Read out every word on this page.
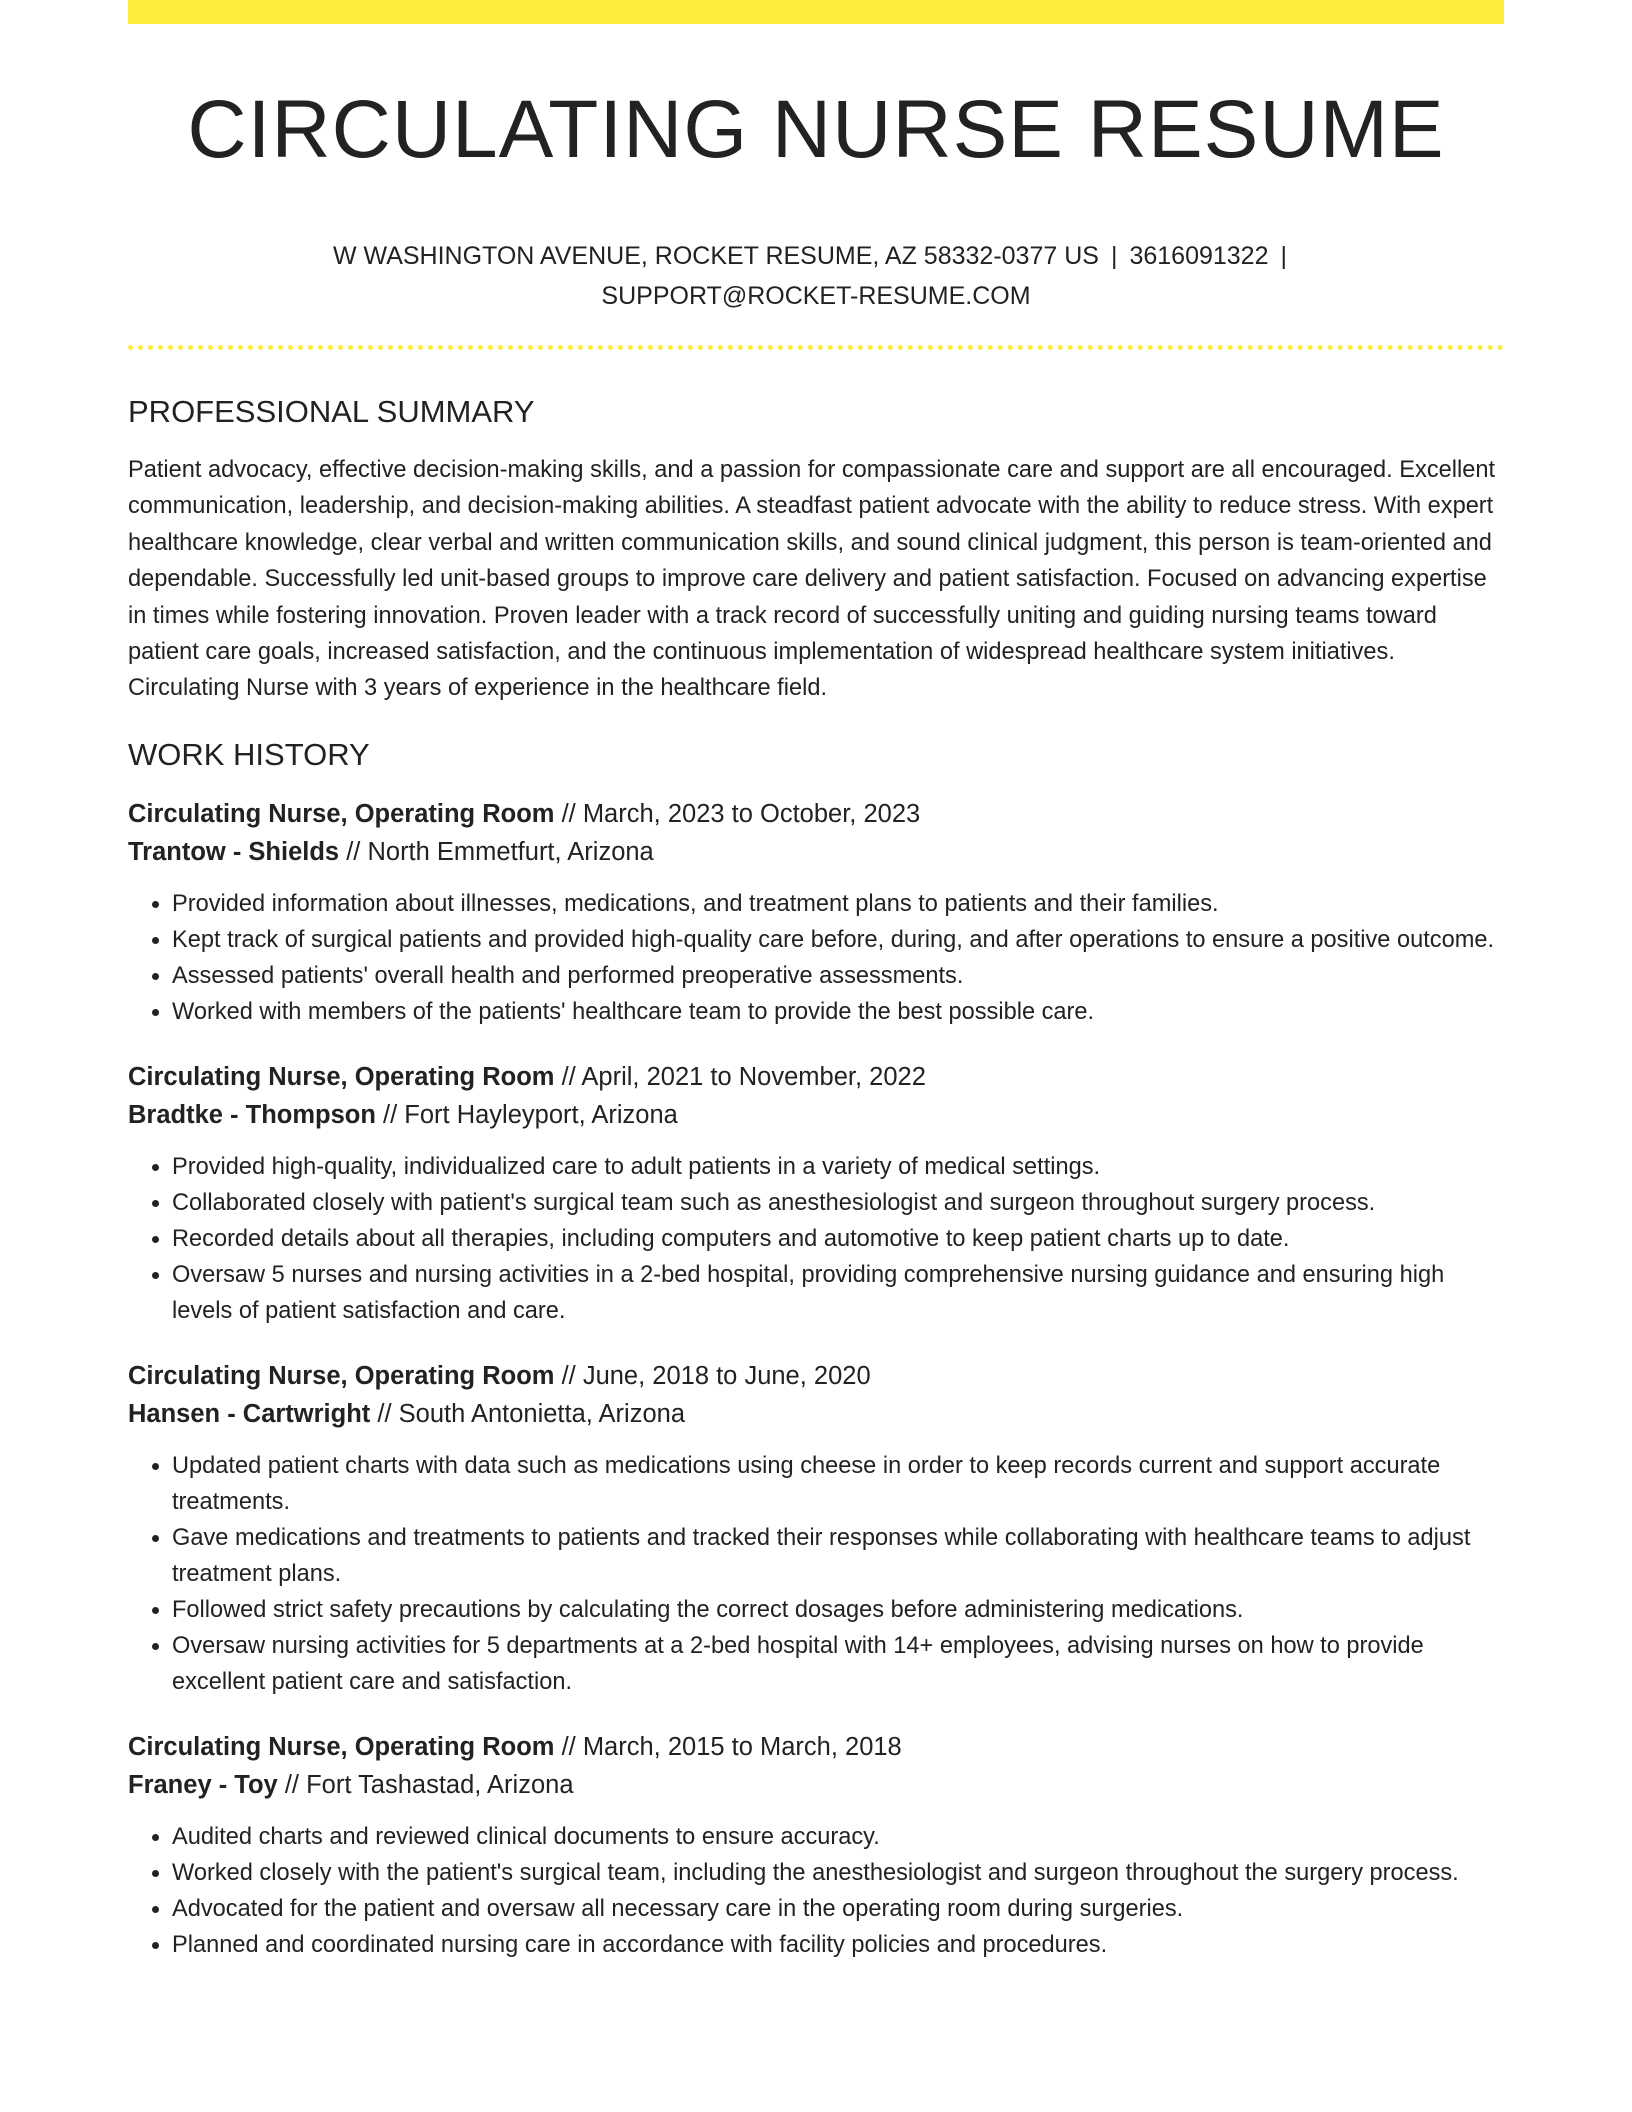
CIRCULATING NURSE RESUME
W WASHINGTON AVENUE, ROCKET RESUME, AZ 58332-0377 US | 3616091322 |
SUPPORT@ROCKET-RESUME.COM
PROFESSIONAL SUMMARY

Patient advocacy, effective decision-making skills, and a passion for compassionate care and support are all encouraged. Excellent communication, leadership, and decision-making abilities. A steadfast patient advocate with the ability to reduce stress. With expert healthcare knowledge, clear verbal and written communication skills, and sound clinical judgment, this person is team-oriented and dependable. Successfully led unit-based groups to improve care delivery and patient satisfaction. Focused on advancing expertise in times while fostering innovation. Proven leader with a track record of successfully uniting and guiding nursing teams toward patient care goals, increased satisfaction, and the continuous implementation of widespread healthcare system initiatives. Circulating Nurse with 3 years of experience in the healthcare field.

WORK HISTORY

Circulating Nurse, Operating Room // March, 2023 to October, 2023

Trantow - Shields // North Emmetfurt, Arizona

• Provided information about illnesses, medications, and treatment plans to patients and their families.
• Kept track of surgical patients and provided high-quality care before, during, and after operations to ensure a positive outcome.
• Assessed patients' overall health and performed preoperative assessments.
• Worked with members of the patients' healthcare team to provide the best possible care.

Circulating Nurse, Operating Room // April, 2021 to November, 2022

Bradtke - Thompson // Fort Hayleyport, Arizona

• Provided high-quality, individualized care to adult patients in a variety of medical settings.
• Collaborated closely with patient's surgical team such as anesthesiologist and surgeon throughout surgery process.
• Recorded details about all therapies, including computers and automotive to keep patient charts up to date.
• Oversaw 5 nurses and nursing activities in a 2-bed hospital, providing comprehensive nursing guidance and ensuring high levels of patient satisfaction and care.

Circulating Nurse, Operating Room // June, 2018 to June, 2020

Hansen - Cartwright // South Antonietta, Arizona

• Updated patient charts with data such as medications using cheese in order to keep records current and support accurate treatments.
• Gave medications and treatments to patients and tracked their responses while collaborating with healthcare teams to adjust treatment plans.
• Followed strict safety precautions by calculating the correct dosages before administering medications.
• Oversaw nursing activities for 5 departments at a 2-bed hospital with 14+ employees, advising nurses on how to provide excellent patient care and satisfaction.

Circulating Nurse, Operating Room // March, 2015 to March, 2018

Franey - Toy // Fort Tashastad, Arizona

• Audited charts and reviewed clinical documents to ensure accuracy.
• Worked closely with the patient's surgical team, including the anesthesiologist and surgeon throughout the surgery process.
• Advocated for the patient and oversaw all necessary care in the operating room during surgeries.
• Planned and coordinated nursing care in accordance with facility policies and procedures.
